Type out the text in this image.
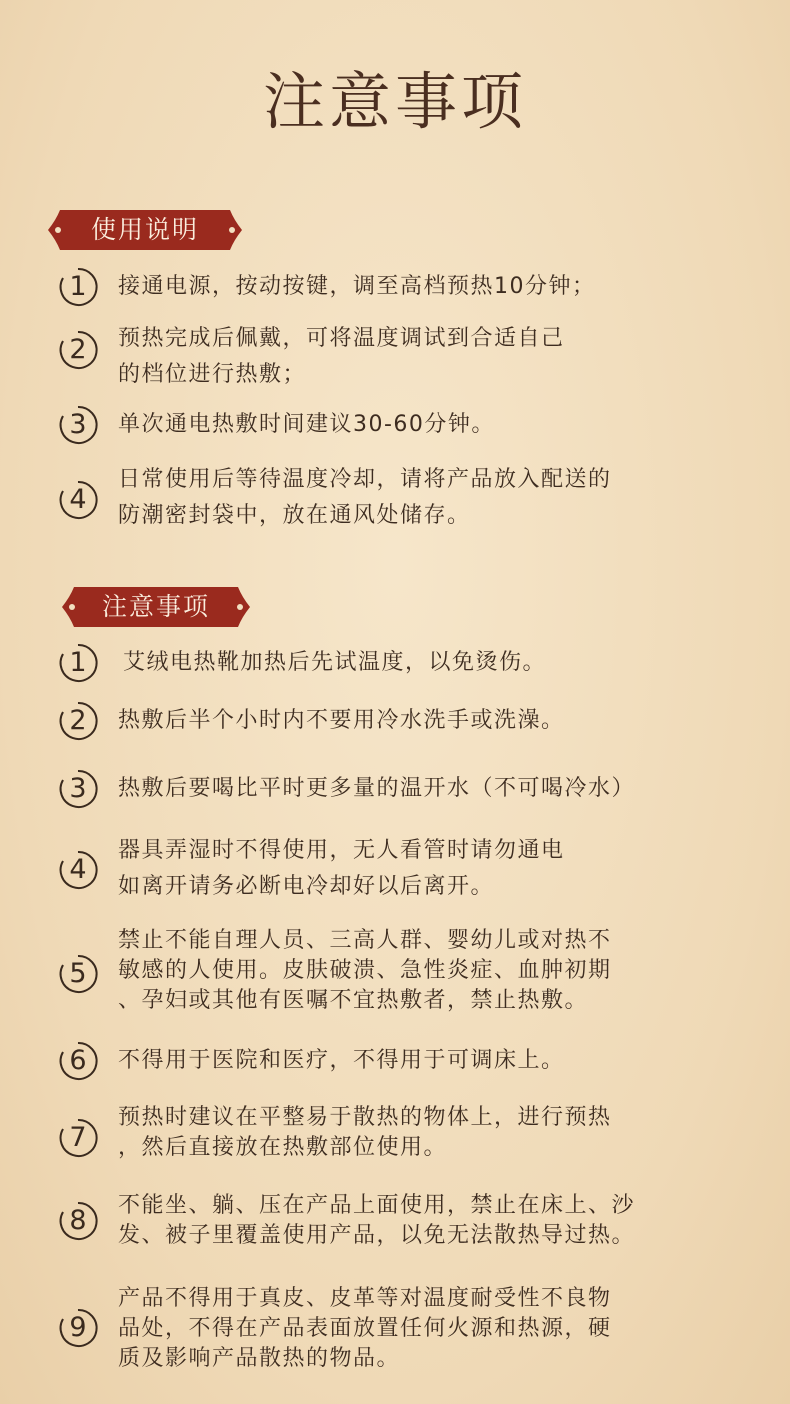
注意事项
使用说明
注意事项
1	接通电源，按动按键，调至高档预热10分钟；
2	预热完成后佩戴，可将温度调试到合适自己
的档位进行热敷；
3	单次通电热敷时间建议30-60分钟。
4
日常使用后等待温度冷却，请将产品放入配送的
防潮密封袋中，放在通风处储存。
1	艾绒电热靴加热后先试温度，以免烫伤。
2	热敷后半个小时内不要用冷水洗手或洗澡。
3	热敷后要喝比平时更多量的温开水（不可喝冷水）
4
器具弄湿时不得使用，无人看管时请勿通电
如离开请务必断电冷却好以后离开。
5
禁止不能自理人员、三高人群、婴幼儿或对热不
敏感的人使用。皮肤破溃、急性炎症、血肿初期
、孕妇或其他有医嘱不宜热敷者，禁止热敷。
6	不得用于医院和医疗，不得用于可调床上。
7
预热时建议在平整易于散热的物体上，进行预热
，然后直接放在热敷部位使用。
8	不能坐、躺、压在产品上面使用，禁止在床上、沙
发、被子里覆盖使用产品，以免无法散热导过热。
9
产品不得用于真皮、皮革等对温度耐受性不良物
品处，不得在产品表面放置任何火源和热源，硬
质及影响产品散热的物品。
